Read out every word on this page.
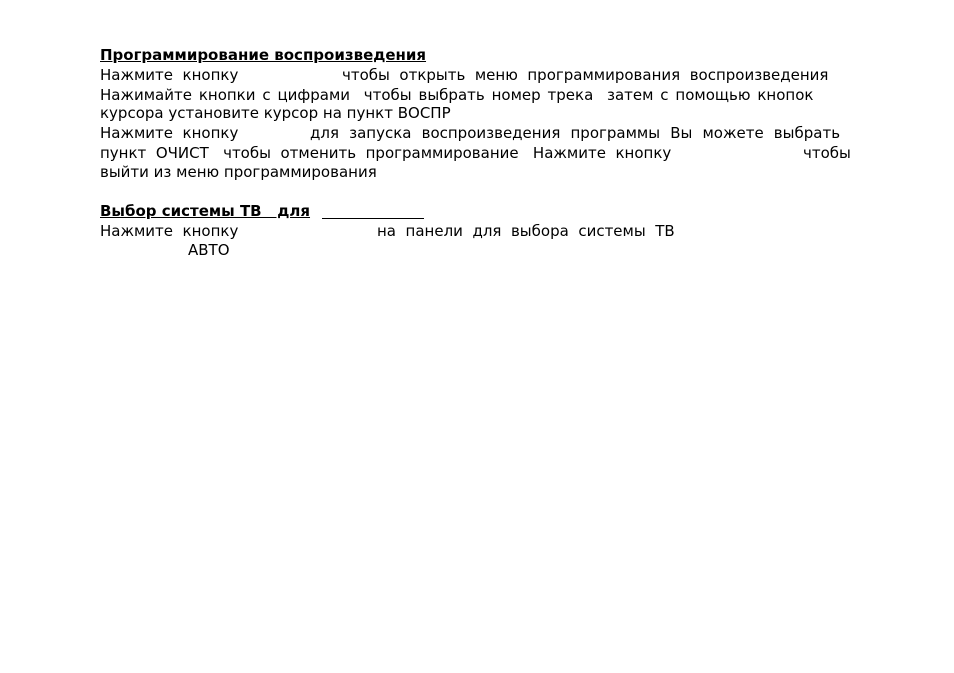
Программирование воспроизведения
Нажмите  кнопку	чтобы  открыть  меню  программирования  воспроизведения
Нажимайте кнопки с цифрами  чтобы выбрать номер трека  затем с помощью кнопок
курсора установите курсор на пункт ВОСПР
Нажмите  кнопку	для  запуска  воспроизведения  программы  Вы  можете  выбрать
пункт  ОЧИСТ   чтобы  отменить  программирование   Нажмите  кнопку	чтобы
выйти из меню программирования
Выбор системы ТВ   для
Нажмите  кнопку	на  панели  для  выбора  системы  ТВ
АВТО
